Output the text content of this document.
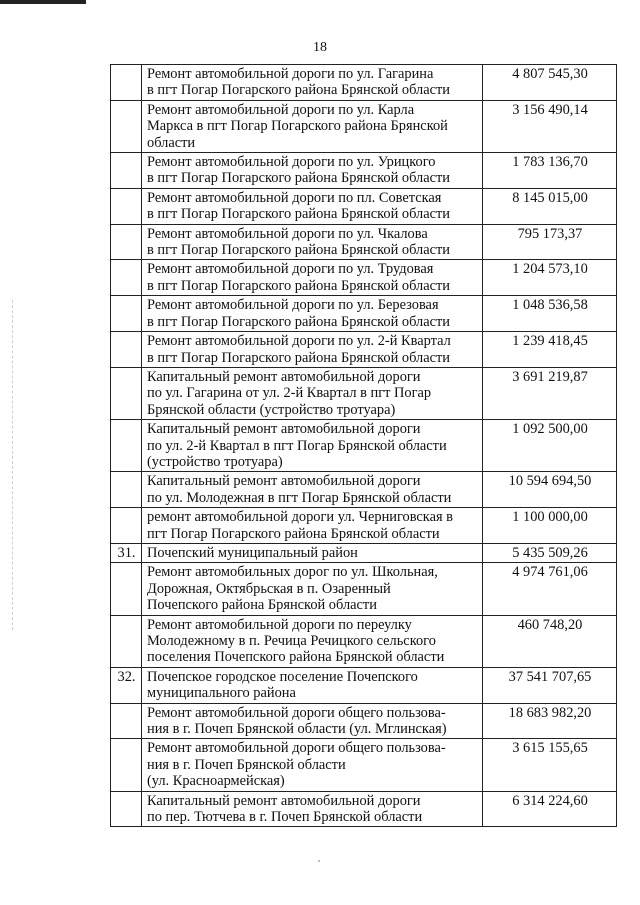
18

	Ремонт автомобильной дороги по ул. Гагарина
в пгт Погар Погарского района Брянской области	4 807 545,30

	Ремонт автомобильной дороги по ул. Карла
Маркса в пгт Погар Погарского района Брянской
области	3 156 490,14

	Ремонт автомобильной дороги по ул. Урицкого
в пгт Погар Погарского района Брянской области	1 783 136,70

	Ремонт автомобильной дороги по пл. Советская
в пгт Погар Погарского района Брянской области	8 145 015,00

	Ремонт автомобильной дороги по ул. Чкалова
в пгт Погар Погарского района Брянской области	795 173,37

	Ремонт автомобильной дороги по ул. Трудовая
в пгт Погар Погарского района Брянской области	1 204 573,10

	Ремонт автомобильной дороги по ул. Березовая
в пгт Погар Погарского района Брянской области	1 048 536,58

	Ремонт автомобильной дороги по ул. 2-й Квартал
в пгт Погар Погарского района Брянской области	1 239 418,45

	Капитальный ремонт автомобильной дороги
по ул. Гагарина от ул. 2-й Квартал в пгт Погар
Брянской области (устройство тротуара)	3 691 219,87

	Капитальный ремонт автомобильной дороги
по ул. 2-й Квартал в пгт Погар Брянской области
(устройство тротуара)	1 092 500,00

	Капитальный ремонт автомобильной дороги
по ул. Молодежная в пгт Погар Брянской области	10 594 694,50

	ремонт автомобильной дороги ул. Черниговская в
пгт Погар Погарского района Брянской области	1 100 000,00
31.	Почепский муниципальный район	5 435 509,26

	Ремонт автомобильных дорог по ул. Школьная,
Дорожная, Октябрьская в п. Озаренный
Почепского района Брянской области	4 974 761,06

	Ремонт автомобильной дороги по переулку
Молодежному в п. Речица Речицкого сельского
поселения Почепского района Брянской области	460 748,20
32.	Почепское городское поселение Почепского
муниципального района	37 541 707,65

	Ремонт автомобильной дороги общего пользова-
ния в г. Почеп Брянской области (ул. Мглинская)	18 683 982,20

	Ремонт автомобильной дороги общего пользова-
ния в г. Почеп Брянской области
(ул. Красноармейская)	3 615 155,65

	Капитальный ремонт автомобильной дороги
по пер. Тютчева в г. Почеп Брянской области	6 314 224,60
